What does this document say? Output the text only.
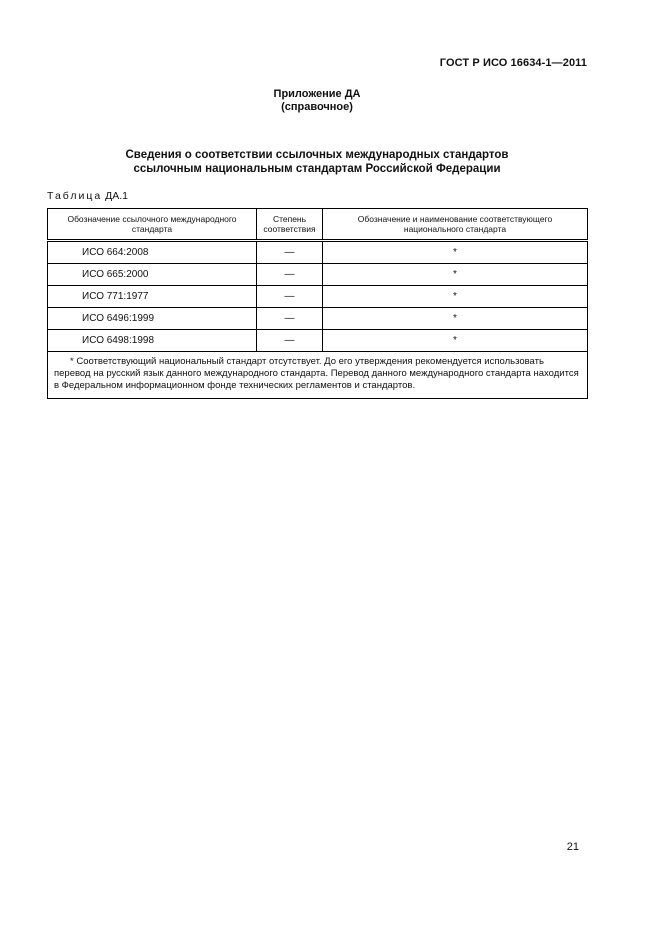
ГОСТ Р ИСО 16634-1—2011
Приложение ДА
(справочное)
Сведения о соответствии ссылочных международных стандартов
ссылочным национальным стандартам Российской Федерации
Таблица ДА.1
Обозначение ссылочного международного стандарта	Степень соответствия	Обозначение и наименование соответствующего национального стандарта
ИСО 664:2008	—	*
ИСО 665:2000	—	*
ИСО 771:1977	—	*
ИСО 6496:1999	—	*
ИСО 6498:1998	—	*

* Соответствующий национальный стандарт отсутствует. До его утверждения рекомендуется использовать перевод на русский язык данного международного стандарта. Перевод данного международного стандарта находится в Федеральном информационном фонде технических регламентов и стандартов.		

21
